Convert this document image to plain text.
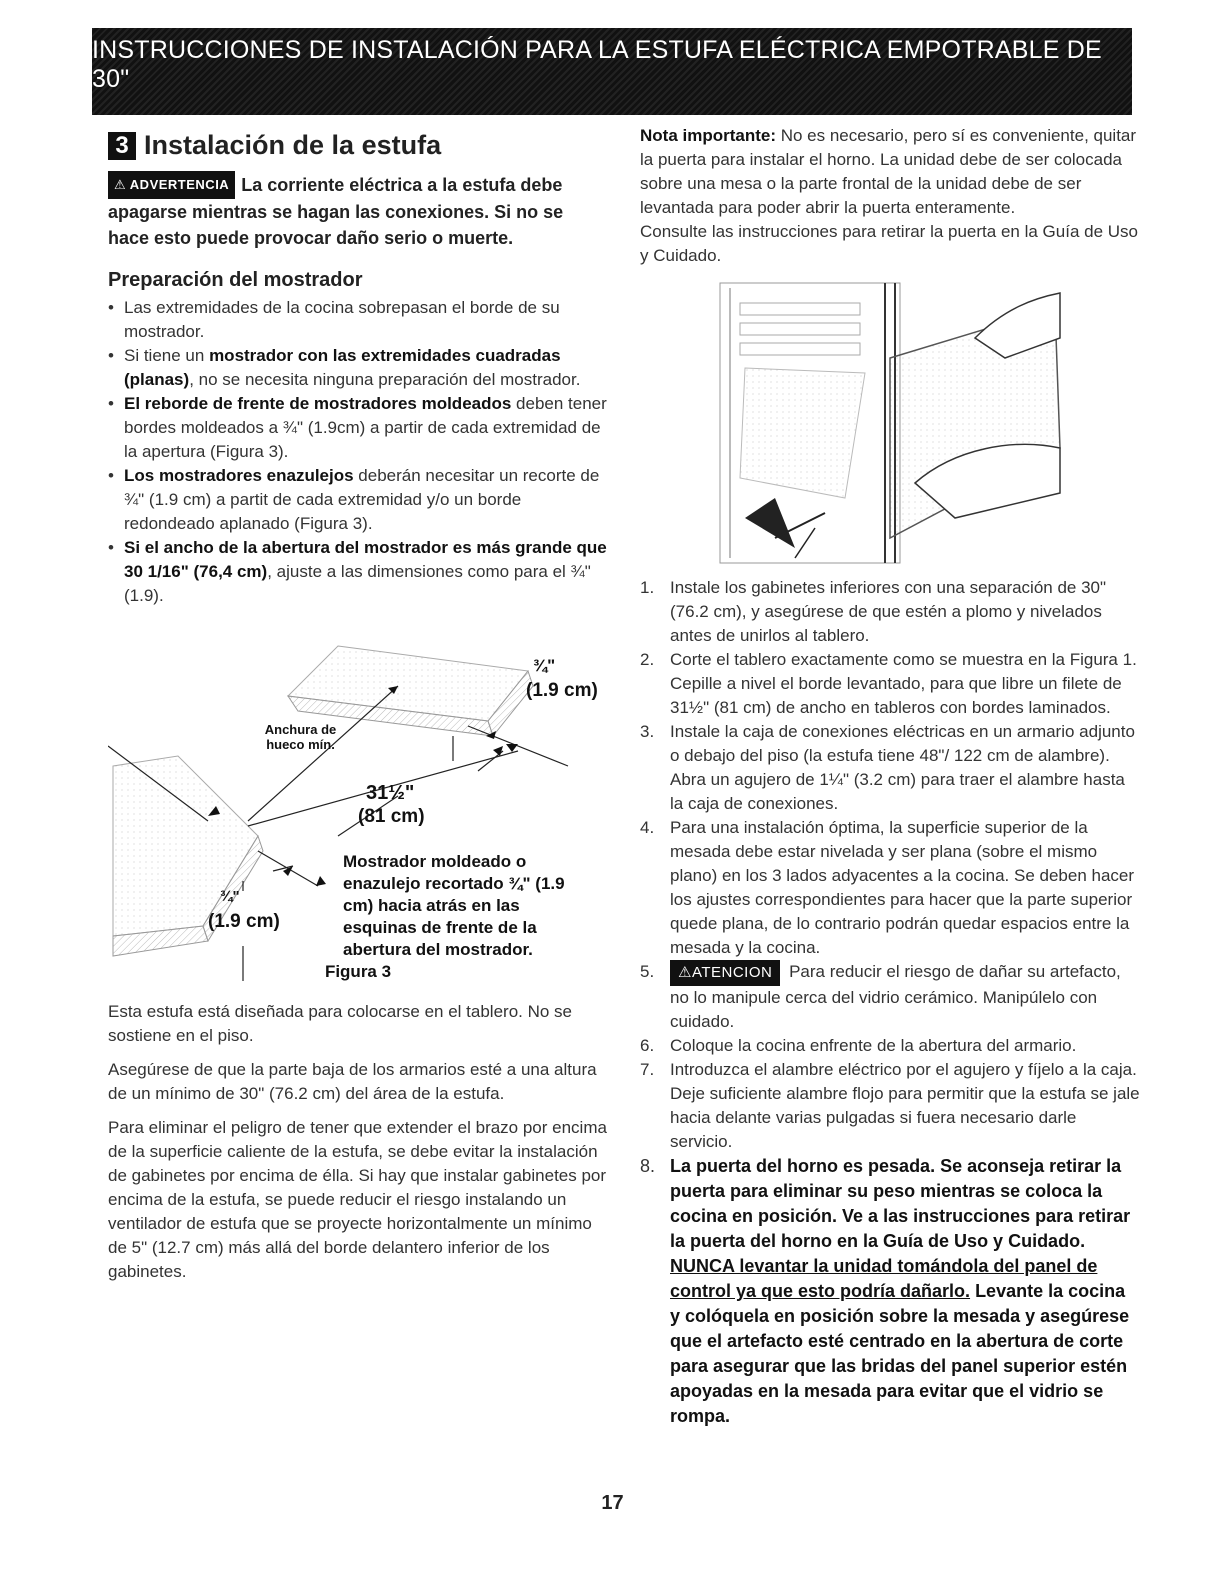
INSTRUCCIONES DE INSTALACIÓN PARA LA ESTUFA ELÉCTRICA EMPOTRABLE DE 30"
3 Instalación de la estufa
⚠ ADVERTENCIA La corriente eléctrica a la estufa debe apagarse mientras se hagan las conexiones. Si no se hace esto puede provocar daño serio o muerte.
Preparación del mostrador
• Las extremidades de la cocina sobrepasan el borde de su mostrador.
• Si tiene un mostrador con las extremidades cuadradas (planas), no se necesita ninguna preparación del mostrador.
• El reborde de frente de mostradores moldeados deben tener bordes moldeados a ¾" (1.9cm) a partir de cada extremidad de la apertura (Figura 3).
• Los mostradores enazulejos deberán necesitar un recorte de ¾" (1.9 cm) a partit de cada extremidad y/o un borde redondeado aplanado (Figura 3).
• Si el ancho de la abertura del mostrador es más grande que 30 1/16" (76,4 cm), ajuste a las dimensiones como para el ¾" (1.9).
Anchura de hueco mín.
¾"
(1.9 cm)
31½"
(81 cm)
¾"
(1.9 cm)
Mostrador moldeado o enazulejo recortado ¾" (1.9 cm) hacia atrás en las esquinas de frente de la abertura del mostrador.
Figura 3

Esta estufa está diseñada para colocarse en el tablero. No se sostiene en el piso.

Asegúrese de que la parte baja de los armarios esté a una altura de un mínimo de 30" (76.2 cm) del área de la estufa.

Para eliminar el peligro de tener que extender el brazo por encima de la superficie caliente de la estufa, se debe evitar la instalación de gabinetes por encima de élla. Si hay que instalar gabinetes por encima de la estufa, se puede reducir el riesgo instalando un ventilador de estufa que se proyecte horizontalmente un mínimo de 5" (12.7 cm) más allá del borde delantero inferior de los gabinetes.

Nota importante: No es necesario, pero sí es conveniente, quitar la puerta para instalar el horno. La unidad debe de ser colocada sobre una mesa o la parte frontal de la unidad debe de ser levantada para poder abrir la puerta enteramente.
Consulte las instrucciones para retirar la puerta en la Guía de Uso y Cuidado.
1. Instale los gabinetes inferiores con una separación de 30" (76.2 cm), y asegúrese de que estén a plomo y nivelados antes de unirlos al tablero.
2. Corte el tablero exactamente como se muestra en la Figura 1. Cepille a nivel el borde levantado, para que libre un filete de 31½" (81 cm) de ancho en tableros con bordes laminados.
3. Instale la caja de conexiones eléctricas en un armario adjunto o debajo del piso (la estufa tiene 48"/ 122 cm de alambre). Abra un agujero de 1¼" (3.2 cm) para traer el alambre hasta la caja de conexiones.
4. Para una instalación óptima, la superficie superior de la mesada debe estar nivelada y ser plana (sobre el mismo plano) en los 3 lados adyacentes a la cocina. Se deben hacer los ajustes correspondientes para hacer que la parte superior quede plana, de lo contrario podrán quedar espacios entre la mesada y la cocina.
5. ⚠ATENCION Para reducir el riesgo de dañar su artefacto, no lo manipule cerca del vidrio cerámico. Manipúlelo con cuidado.
6. Coloque la cocina enfrente de la abertura del armario.
7. Introduzca el alambre eléctrico por el agujero y fíjelo a la caja. Deje suficiente alambre flojo para permitir que la estufa se jale hacia delante varias pulgadas si fuera necesario darle servicio.
8. La puerta del horno es pesada. Se aconseja retirar la puerta para eliminar su peso mientras se coloca la cocina en posición. Ve a las instrucciones para retirar la puerta del horno en la Guía de Uso y Cuidado. NUNCA levantar la unidad tomándola del panel de control ya que esto podría dañarlo. Levante la cocina y colóquela en posición sobre la mesada y asegúrese que el artefacto esté centrado en la abertura de corte para asegurar que las bridas del panel superior estén apoyadas en la mesada para evitar que el vidrio se rompa.
17
